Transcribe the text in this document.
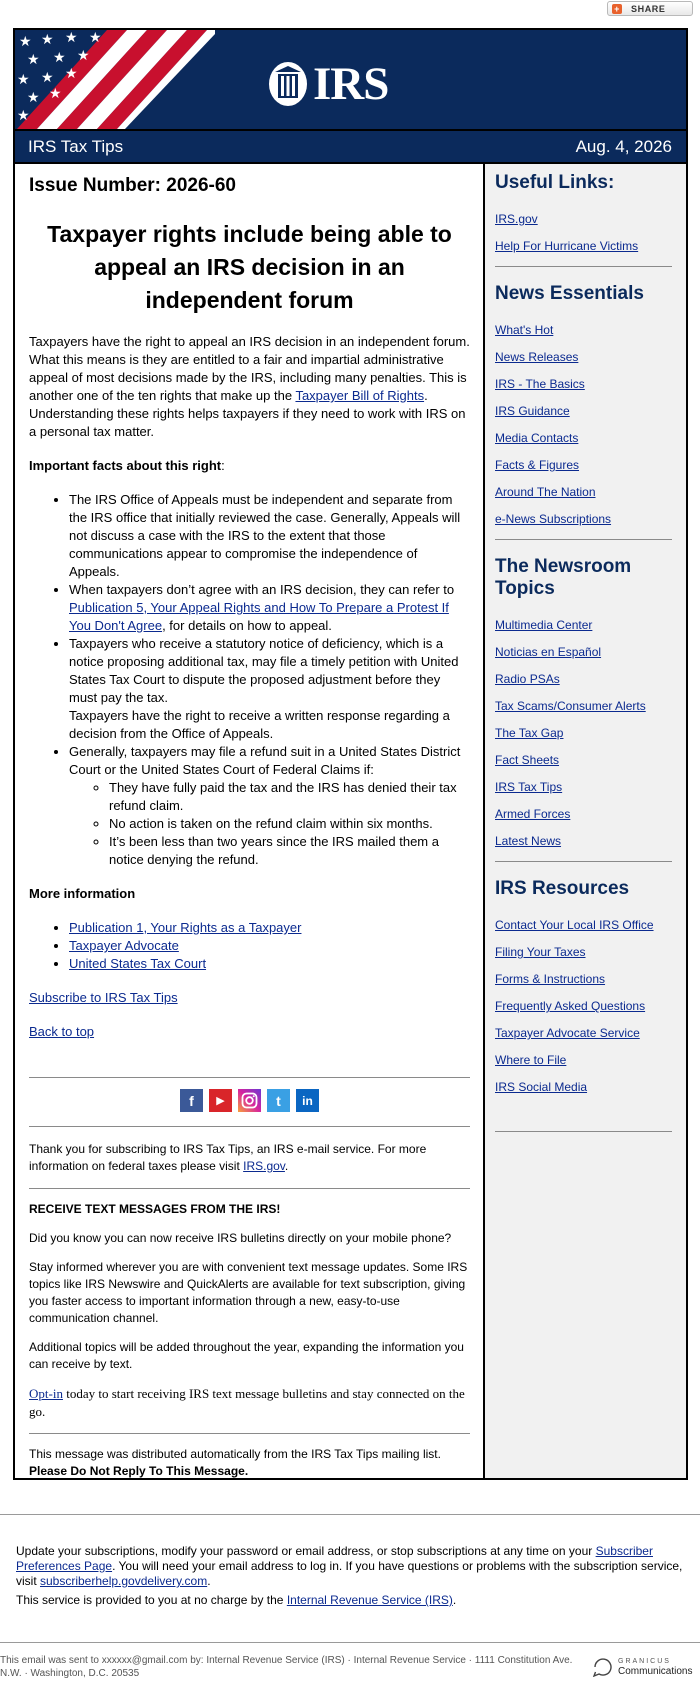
+ SHARE
★ ★ ★ ★
★ ★ ★
★ ★ ★
★ ★
★
IRS
IRS Tax Tips	Aug. 4, 2026
Issue Number: 2026-60
Taxpayer rights include being able to appeal an IRS decision in an independent forum

Taxpayers have the right to appeal an IRS decision in an independent forum. What this means is they are entitled to a fair and impartial administrative appeal of most decisions made by the IRS, including many penalties. This is another one of the ten rights that make up the Taxpayer Bill of Rights. Understanding these rights helps taxpayers if they need to work with IRS on a personal tax matter.

Important facts about this right:
• The IRS Office of Appeals must be independent and separate from the IRS office that initially reviewed the case. Generally, Appeals will not discuss a case with the IRS to the extent that those communications appear to compromise the independence of Appeals.
• When taxpayers don’t agree with an IRS decision, they can refer to Publication 5, Your Appeal Rights and How To Prepare a Protest If You Don't Agree, for details on how to appeal.
• Taxpayers who receive a statutory notice of deficiency, which is a notice proposing additional tax, may file a timely petition with United States Tax Court to dispute the proposed adjustment before they must pay the tax.
Taxpayers have the right to receive a written response regarding a decision from the Office of Appeals.
• Generally, taxpayers may file a refund suit in a United States District Court or the United States Court of Federal Claims if:
◦ They have fully paid the tax and the IRS has denied their tax refund claim.
◦ No action is taken on the refund claim within six months.
◦ It’s been less than two years since the IRS mailed them a notice denying the refund.
More information
• Publication 1, Your Rights as a Taxpayer
• Taxpayer Advocate
• United States Tax Court

Subscribe to IRS Tax Tips

Back to top

f	▶	t	in

Thank you for subscribing to IRS Tax Tips, an IRS e-mail service. For more information on federal taxes please visit IRS.gov.

RECEIVE TEXT MESSAGES FROM THE IRS!

Did you know you can now receive IRS bulletins directly on your mobile phone?

Stay informed wherever you are with convenient text message updates. Some IRS topics like IRS Newswire and QuickAlerts are available for text subscription, giving you faster access to important information through a new, easy-to-use communication channel.

Additional topics will be added throughout the year, expanding the information you can receive by text.

Opt-in today to start receiving IRS text message bulletins and stay connected on the go.

This message was distributed automatically from the IRS Tax Tips mailing list.

Please Do Not Reply To This Message.

Useful Links:
IRS.gov
Help For Hurricane Victims
News Essentials
What's Hot
News Releases
IRS - The Basics
IRS Guidance
Media Contacts
Facts & Figures
Around The Nation
e-News Subscriptions
The Newsroom Topics
Multimedia Center
Noticias en Español
Radio PSAs
Tax Scams/Consumer Alerts
The Tax Gap
Fact Sheets
IRS Tax Tips
Armed Forces
Latest News
IRS Resources
Contact Your Local IRS Office
Filing Your Taxes
Forms & Instructions
Frequently Asked Questions
Taxpayer Advocate Service
Where to File
IRS Social Media
Update your subscriptions, modify your password or email address, or stop subscriptions at any time on your Subscriber Preferences Page. You will need your email address to log in. If you have questions or problems with the subscription service, visit subscriberhelp.govdelivery.com.
This service is provided to you at no charge by the Internal Revenue Service (IRS).
This email was sent to xxxxxx@gmail.com by: Internal Revenue Service (IRS) · Internal Revenue Service · 1111 Constitution Ave. N.W. · Washington, D.C. 20535
GRANICUS
Communications
